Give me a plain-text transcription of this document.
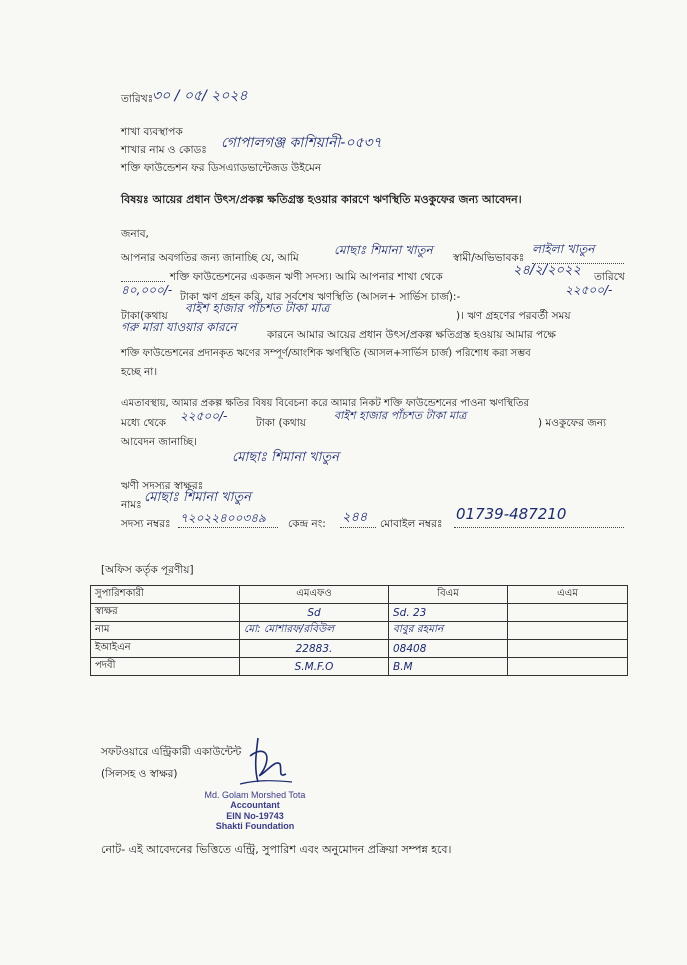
তারিখঃ
৩০ / ০৫/ ২০২৪
শাখা ব্যবস্থাপক
শাখার নাম ও কোডঃ গোপালগঞ্জ কাশিয়ানী-০৫৩৭
শক্তি ফাউন্ডেশন ফর ডিসএ্যাডভান্টেজড উইমেন
বিষয়ঃ আয়ের প্রধান উৎস/প্রকল্প ক্ষতিগ্রস্ত হওয়ার কারণে ঋণস্থিতি মওকুফের জন্য আবেদন।
জনাব,
আপনার অবগতির জন্য জানাচ্ছি যে, আমি
মোছাঃ শিমানা খাতুন
স্বামী/অভিভাবকঃ
লাইলা খাতুন
শক্তি ফাউন্ডেশনের একজন ঋণী সদস্য। আমি আপনার শাখা থেকে	২৪/২/২০২২ তারিখে
৪০,০০০/- টাকা ঋণ গ্রহন করি, যার সর্বশেষ ঋণস্থিতি (আসল+ সার্ভিস চার্জ):-	২২৫০০/-
টাকা(কথায়
বাইশ হাজার পাঁচশত টাকা মাত্র
)। ঋণ গ্রহণের পরবর্তী সময়
গরু মারা যাওয়ার কারনে
কারনে আমার আয়ের প্রধান উৎস/প্রকল্প ক্ষতিগ্রস্ত হওয়ায় আমার পক্ষে
শক্তি ফাউন্ডেশনের প্রদানকৃত ঋণের সম্পূর্ণ/আংশিক ঋণস্থিতি (আসল+সার্ভিস চার্জ) পরিশোধ করা সম্ভব
হচ্ছে না।
এমতাবস্থায়, আমার প্রকল্প ক্ষতির বিষয় বিবেচনা করে আমার নিকট শক্তি ফাউন্ডেশনের পাওনা ঋণস্থিতির
মধ্যে থেকে ২২৫০০/-	টাকা (কথায়
বাইশ হাজার পাঁচশত টাকা মাত্র
) মওকুফের জন্য
আবেদন জানাচ্ছি।
মোছাঃ শিমানা খাতুন
ঋণী সদস্যর স্বাক্ষরঃ
নামঃ মোছাঃ শিমানা খাতুন
সদস্য নম্বরঃ ৭২০২২৪০০৩৪৯ কেন্দ্র নং: ২৪৪ মোবাইল নম্বরঃ
01739-487210
[অফিস কর্তৃক পূরণীয়]
সুপারিশকারী	এমএফও	বিএম	এএম
স্বাক্ষর	Sd	Sd. 23	
নাম	মো: মোশারফ/রবিউল	বাবুর রহমান	
ইআইএন	22883.	08408	
পদবী	S.M.F.O	B.M	
সফটওয়ারে এন্ট্রিকারী একাউন্টেন্ট
(সিলসহ ও স্বাক্ষর)
Md. Golam Morshed Tota
Accountant
EIN No-19743
Shakti Foundation
নোট- এই আবেদনের ভিত্তিতে এন্ট্রি, সুপারিশ এবং অনুমোদন প্রক্রিয়া সম্পন্ন হবে।
